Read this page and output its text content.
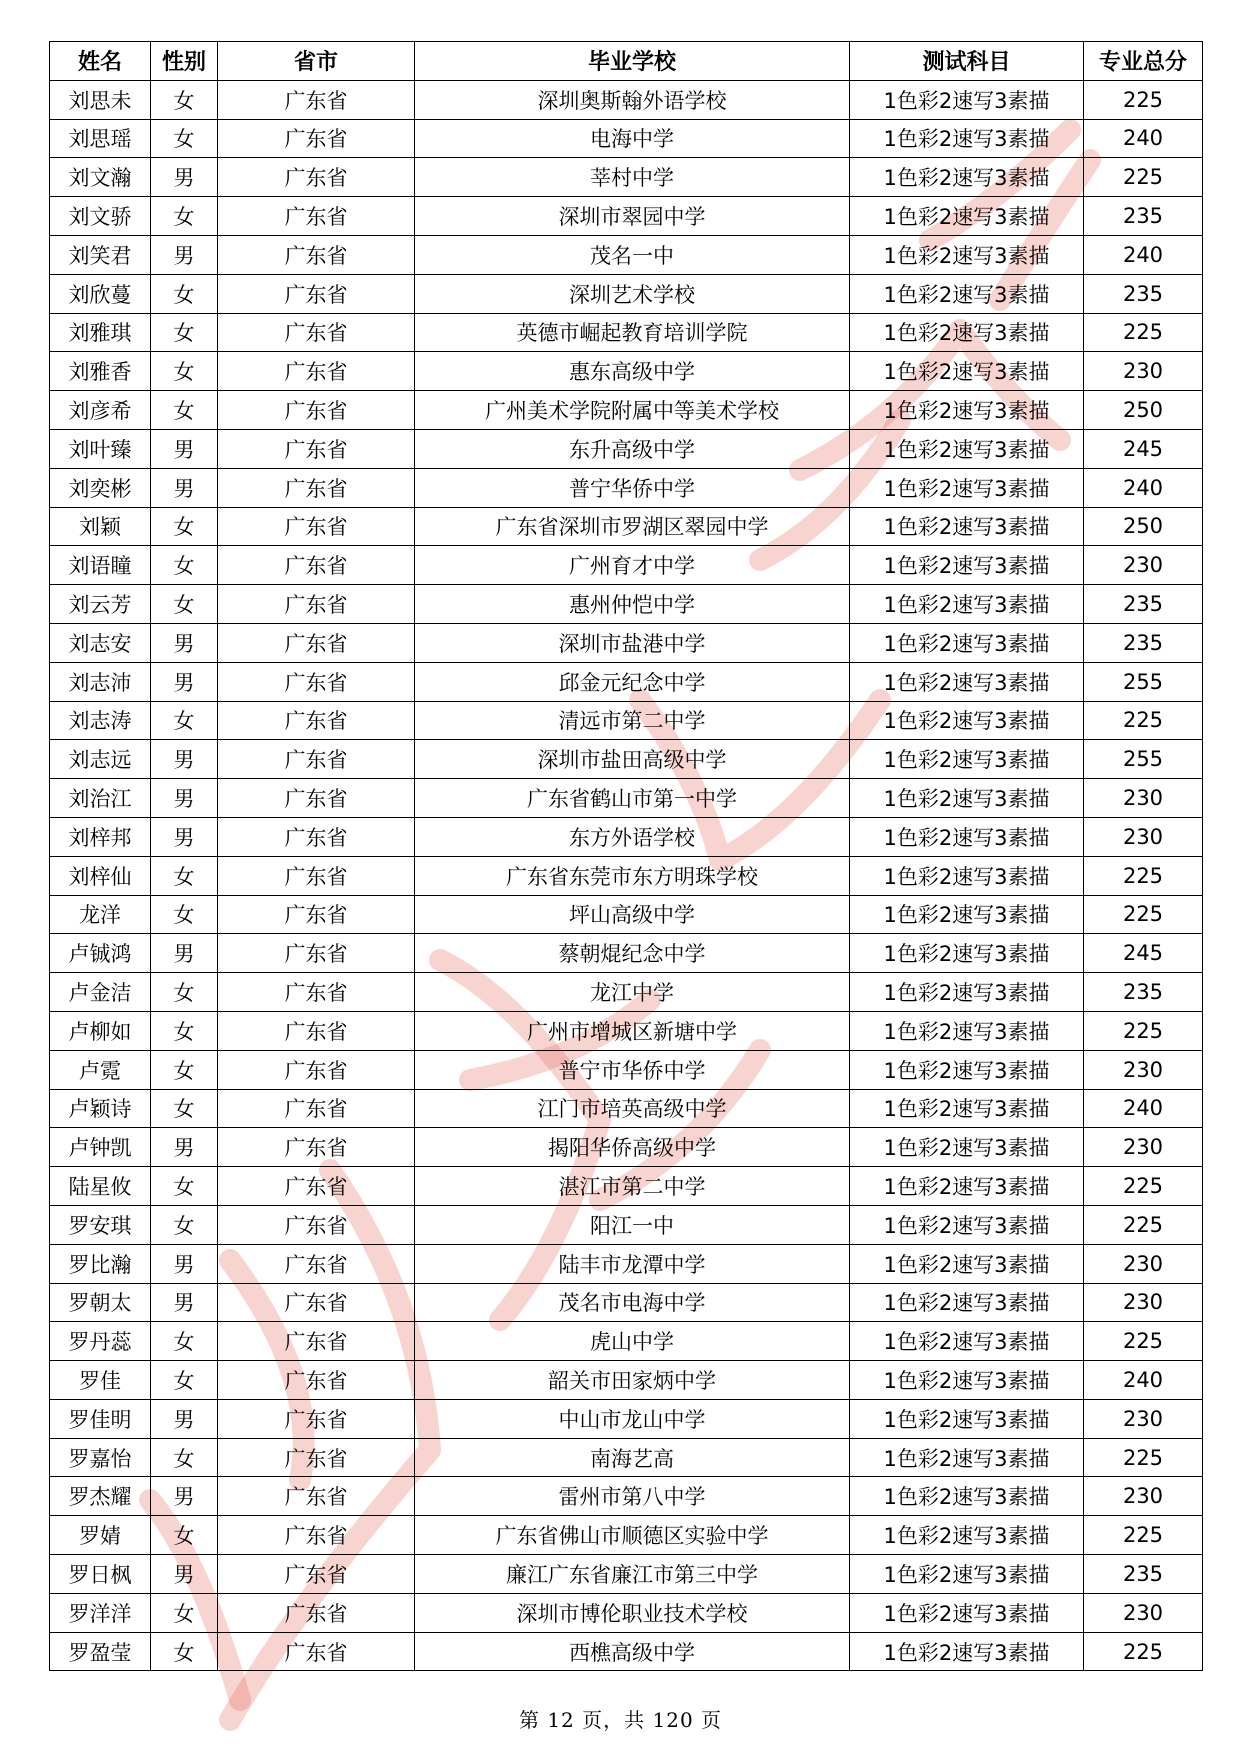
姓名	性别	省市	毕业学校	测试科目	专业总分
刘思未	女	广东省	深圳奥斯翰外语学校	1色彩2速写3素描	225
刘思瑶	女	广东省	电海中学	1色彩2速写3素描	240
刘文瀚	男	广东省	莘村中学	1色彩2速写3素描	225
刘文骄	女	广东省	深圳市翠园中学	1色彩2速写3素描	235
刘笑君	男	广东省	茂名一中	1色彩2速写3素描	240
刘欣蔓	女	广东省	深圳艺术学校	1色彩2速写3素描	235
刘雅琪	女	广东省	英德市崛起教育培训学院	1色彩2速写3素描	225
刘雅香	女	广东省	惠东高级中学	1色彩2速写3素描	230
刘彦希	女	广东省	广州美术学院附属中等美术学校	1色彩2速写3素描	250
刘叶臻	男	广东省	东升高级中学	1色彩2速写3素描	245
刘奕彬	男	广东省	普宁华侨中学	1色彩2速写3素描	240
刘颖	女	广东省	广东省深圳市罗湖区翠园中学	1色彩2速写3素描	250
刘语瞳	女	广东省	广州育才中学	1色彩2速写3素描	230
刘云芳	女	广东省	惠州仲恺中学	1色彩2速写3素描	235
刘志安	男	广东省	深圳市盐港中学	1色彩2速写3素描	235
刘志沛	男	广东省	邱金元纪念中学	1色彩2速写3素描	255
刘志涛	女	广东省	清远市第二中学	1色彩2速写3素描	225
刘志远	男	广东省	深圳市盐田高级中学	1色彩2速写3素描	255
刘治江	男	广东省	广东省鹤山市第一中学	1色彩2速写3素描	230
刘梓邦	男	广东省	东方外语学校	1色彩2速写3素描	230
刘梓仙	女	广东省	广东省东莞市东方明珠学校	1色彩2速写3素描	225
龙洋	女	广东省	坪山高级中学	1色彩2速写3素描	225
卢铖鸿	男	广东省	蔡朝焜纪念中学	1色彩2速写3素描	245
卢金洁	女	广东省	龙江中学	1色彩2速写3素描	235
卢柳如	女	广东省	广州市增城区新塘中学	1色彩2速写3素描	225
卢霓	女	广东省	普宁市华侨中学	1色彩2速写3素描	230
卢颖诗	女	广东省	江门市培英高级中学	1色彩2速写3素描	240
卢钟凯	男	广东省	揭阳华侨高级中学	1色彩2速写3素描	230
陆星攸	女	广东省	湛江市第二中学	1色彩2速写3素描	225
罗安琪	女	广东省	阳江一中	1色彩2速写3素描	225
罗比瀚	男	广东省	陆丰市龙潭中学	1色彩2速写3素描	230
罗朝太	男	广东省	茂名市电海中学	1色彩2速写3素描	230
罗丹蕊	女	广东省	虎山中学	1色彩2速写3素描	225
罗佳	女	广东省	韶关市田家炳中学	1色彩2速写3素描	240
罗佳明	男	广东省	中山市龙山中学	1色彩2速写3素描	230
罗嘉怡	女	广东省	南海艺高	1色彩2速写3素描	225
罗杰耀	男	广东省	雷州市第八中学	1色彩2速写3素描	230
罗婧	女	广东省	广东省佛山市顺德区实验中学	1色彩2速写3素描	225
罗日枫	男	广东省	廉江广东省廉江市第三中学	1色彩2速写3素描	235
罗洋洋	女	广东省	深圳市博伦职业技术学校	1色彩2速写3素描	230
罗盈莹	女	广东省	西樵高级中学	1色彩2速写3素描	225
第 12 页，共 120 页
